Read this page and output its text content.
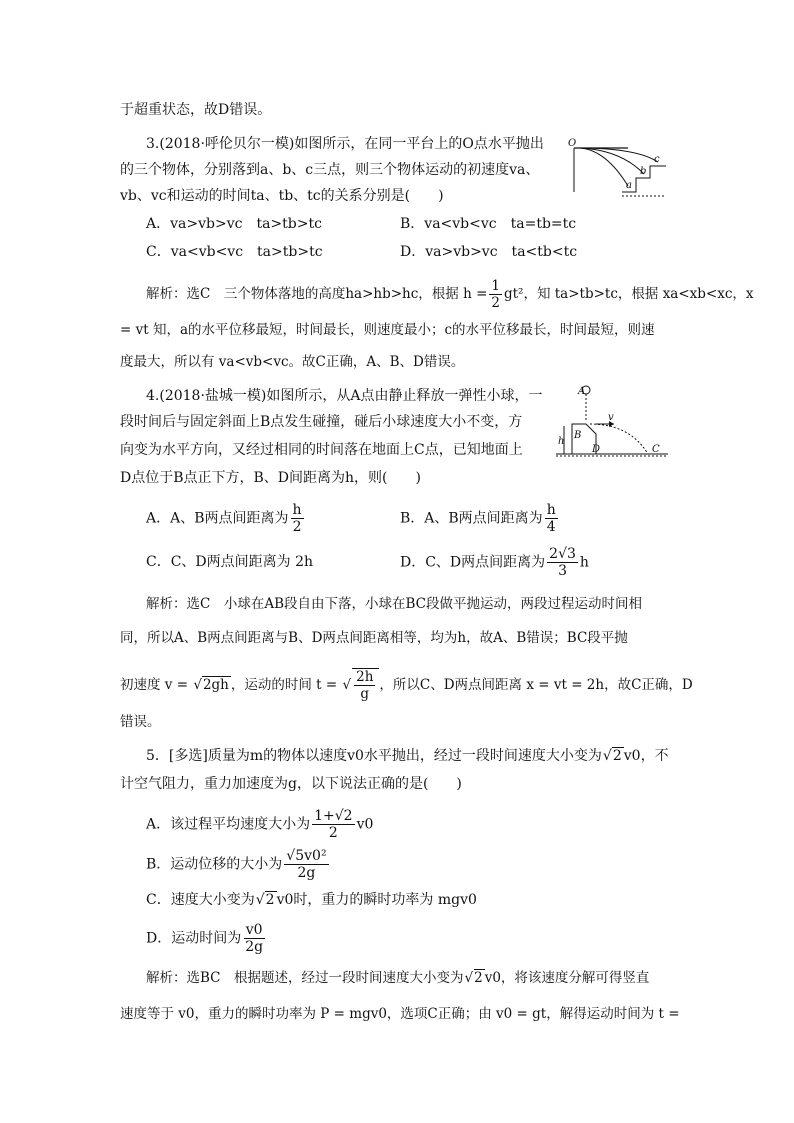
于超重状态，故D错误。
3.(2018·呼伦贝尔一模)如图所示，在同一平台上的O点水平抛出
的三个物体，分别落到a、b、c三点，则三个物体运动的初速度va、
vb、vc和运动的时间ta、tb、tc的关系分别是(　　)
O
a
b
c
A．va>vb>vc　ta>tb>tc	B．va<vb<vc　ta=tb=tc
C．va<vb<vc　ta>tb>tc	D．va>vb>vc　ta<tb<tc
解析：选C　三个物体落地的高度ha>hb>hc，根据 $h = \frac{1}{2} gt^2$，知 ta>tb>tc，根据 xa<xb<xc，x
= vt 知，a的水平位移最短，时间最长，则速度最小；c的水平位移最长，时间最短，则速
度最大，所以有 va<vb<vc。故C正确，A、B、D错误。
4.(2018·盐城一模)如图所示，从A点由静止释放一弹性小球，一
段时间后与固定斜面上B点发生碰撞，碰后小球速度大小不变，方
向变为水平方向，又经过相同的时间落在地面上C点，已知地面上
D点位于B点正下方，B、D间距离为h，则(　　)
A
B
h
v
D	C
A．A、B两点间距离为 $\frac{h}{2}$	B．A、B两点间距离为 $\frac{h}{4}$
C．C、D两点间距离为 2h	D．C、D两点间距离为 $\frac{2√3}{3}$ h
解析：选C　小球在AB段自由下落，小球在BC段做平抛运动，两段过程运动时间相
同，所以A、B两点间距离与B、D两点间距离相等，均为h，故A、B错误；BC段平抛
初速度 v = √ 2gh ，运动的时间 t = √ $\frac{2h}{g}$ ，所以C、D两点间距离 x = vt = 2h，故C正确，D
错误。
5．[多选]质量为m的物体以速度v0水平抛出，经过一段时间速度大小变为 √ 2 v0，不
计空气阻力，重力加速度为g，以下说法正确的是(　　)
A．该过程平均速度大小为 $\frac{1+√2}{2} v0$
B．运动位移的大小为 $\frac{\text{√5v0²}}{2g}$
C．速度大小变为 √ 2 v0时，重力的瞬时功率为 mgv0
D．运动时间为 $\frac{v0}{2g}$
解析：选BC　根据题述，经过一段时间速度大小变为 √ 2 v0，将该速度分解可得竖直
速度等于 v0，重力的瞬时功率为 P = mgv0，选项C正确；由 v0 = gt，解得运动时间为 t =
